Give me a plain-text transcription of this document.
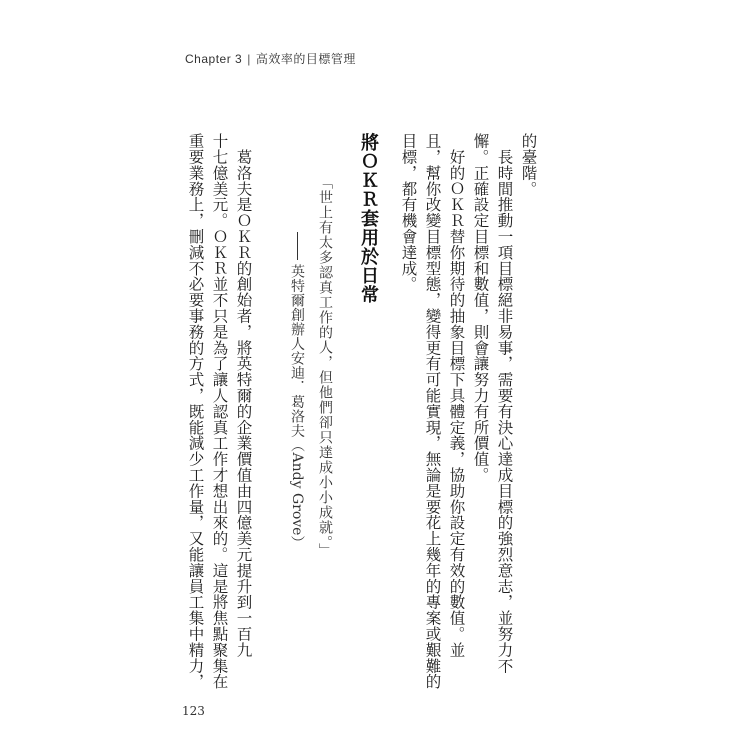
Chapter 3 | 高效率的目標管理
的臺階。
　長時間推動一項目標絕非易事，需要有決心達成目標的強烈意志，並努力不
懈。正確設定目標和數值，則會讓努力有所價值。
　好的ＯＫＲ替你期待的抽象目標下具體定義，協助你設定有效的數值。並
且，幫你改變目標型態，變得更有可能實現，無論是要花上幾年的專案或艱難的
目標，都有機會達成。
將ＯＫＲ套用於日常
「世上有太多認真工作的人，但他們卻只達成小小成就。」
英特爾創辦人安迪．葛洛夫（Andy Grove）
　葛洛夫是ＯＫＲ的創始者，將英特爾的企業價值由四億美元提升到一百九
十七億美元。ＯＫＲ並不只是為了讓人認真工作才想出來的。這是將焦點聚集在
重要業務上，刪減不必要事務的方式，既能減少工作量，又能讓員工集中精力，
123
